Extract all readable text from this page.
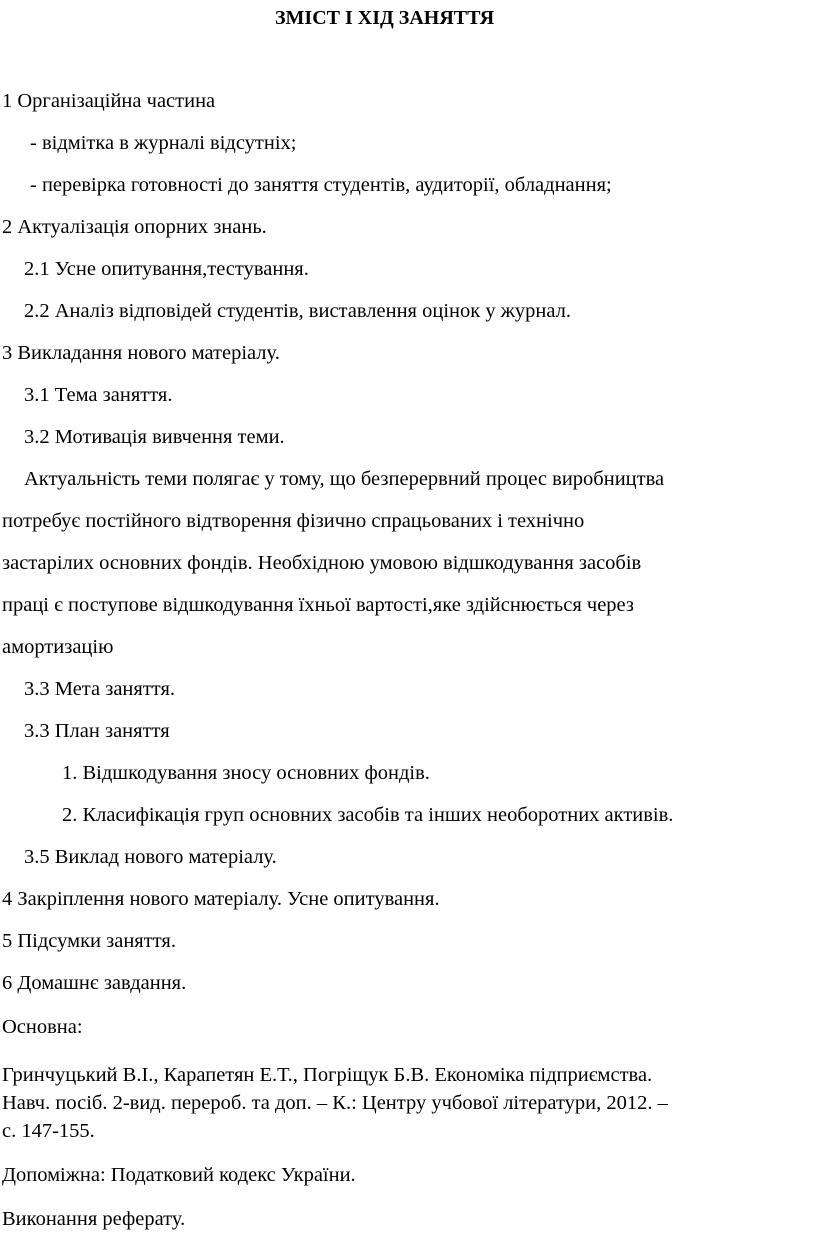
ЗМІСТ І ХІД ЗАНЯТТЯ
1 Організаційна частина
- відмітка в журналі відсутніх;
- перевірка готовності до заняття студентів, аудиторії, обладнання;
2 Актуалізація опорних знань.
2.1 Усне опитування,тестування.
2.2 Аналіз відповідей студентів, виставлення оцінок у журнал.
3 Викладання нового матеріалу.
3.1 Тема заняття.
3.2 Мотивація вивчення теми.
Актуальність теми полягає у тому, що безперервний процес виробництва
потребує постійного відтворення фізично спрацьованих і технічно
застарілих основних фондів. Необхідною умовою відшкодування засобів
праці є поступове відшкодування їхньої вартості,яке здійснюється через
амортизацію
3.3 Мета заняття.
3.3 План заняття
1. Відшкодування зносу основних фондів.
2. Класифікація груп основних засобів та інших необоротних активів.
3.5 Виклад нового матеріалу.
4 Закріплення нового матеріалу. Усне опитування.
5 Підсумки заняття.
6 Домашнє завдання.
Основна:
Гринчуцький В.І., Карапетян Е.Т., Погріщук Б.В. Економіка підприємства.
Навч. посіб. 2-вид. перероб. та доп. – К.: Центру учбової літератури, 2012. –
с. 147-155.
Допоміжна: Податковий кодекс України.
Виконання реферату.
